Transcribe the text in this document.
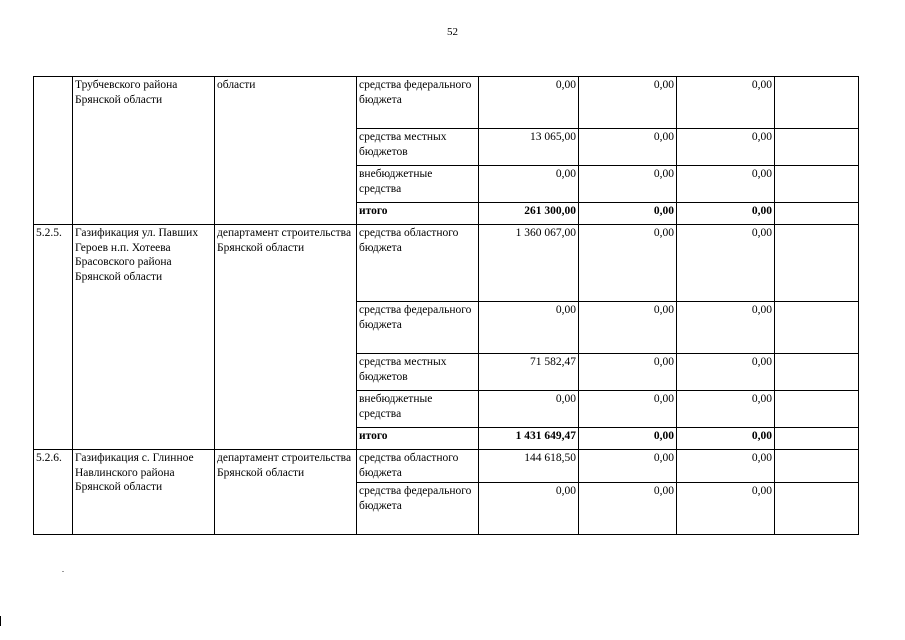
52
	Трубчевского района Брянской области	области	средства федерального бюджета	0,00	0,00	0,00	
			средства местных бюджетов	13 065,00	0,00	0,00	
			внебюджетные средства	0,00	0,00	0,00	
			итого	261 300,00	0,00	0,00	
5.2.5.	Газификация ул. Павших Героев н.п. Хотеева Брасовского района Брянской области	департамент строительства Брянской области	средства областного бюджета	1 360 067,00	0,00	0,00	
			средства федерального бюджета	0,00	0,00	0,00	
			средства местных бюджетов	71 582,47	0,00	0,00	
			внебюджетные средства	0,00	0,00	0,00	
			итого	1 431 649,47	0,00	0,00	
5.2.6.	Газификация с. Глинное Навлинского района Брянской области	департамент строительства Брянской области	средства областного бюджета	144 618,50	0,00	0,00	
			средства федерального бюджета	0,00	0,00	0,00	
